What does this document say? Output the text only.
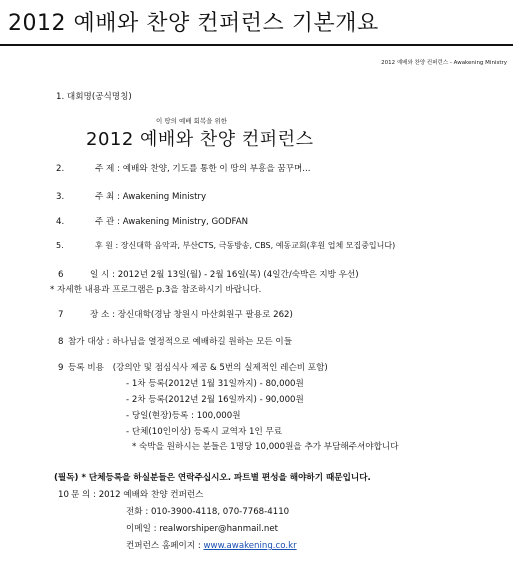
2012 예배와 찬양 컨퍼런스 기본개요
2012 예배와 찬양 컨퍼런스 - Awakening Ministry
1. 대회명(공식명칭)
이 땅의 예배 회복을 위한
2012 예배와 찬양 컨퍼런스
2.	주 제 : 예배와 찬양, 기도를 통한 이 땅의 부흥을 꿈꾸며...
3.	주 최 : Awakening Ministry
4.	주 관 : Awakening Ministry, GODFAN
5.	후 원 : 장신대학 음악과, 부산CTS, 극동방송, CBS, 예동교회(후원 업체 모집중입니다)
6	일 시 : 2012년 2월 13일(월) - 2월 16일(목) (4일간/숙박은 지방 우선)
* 자세한 내용과 프로그램은 p.3을 참조하시기 바랍니다.
7	장 소 : 장신대학(경남 창원시 마산회원구 팔용로 262)
8 참가 대상 : 하나님을 열정적으로 예배하길 원하는 모든 이들
9 등록 비용 (강의안 및 점심식사 제공 & 5번의 실제적인 레슨비 포함)
- 1차 등록(2012년 1월 31일까지) - 80,000원
- 2차 등록(2012년 2월 16일까지) - 90,000원
- 당일(현장)등록 : 100,000원
- 단체(10인이상) 등록시 교역자 1인 무료
* 숙박을 원하시는 분들은 1명당 10,000원을 추가 부담해주셔야합니다
(필독) * 단체등록을 하실분들은 연락주십시오. 파트별 편성을 해야하기 때문입니다.
10 문 의 : 2012 예배와 찬양 컨퍼런스
전화 : 010-3900-4118, 070-7768-4110
이메일 : realworshiper@hanmail.net
컨퍼런스 홈페이지 : www.awakening.co.kr
